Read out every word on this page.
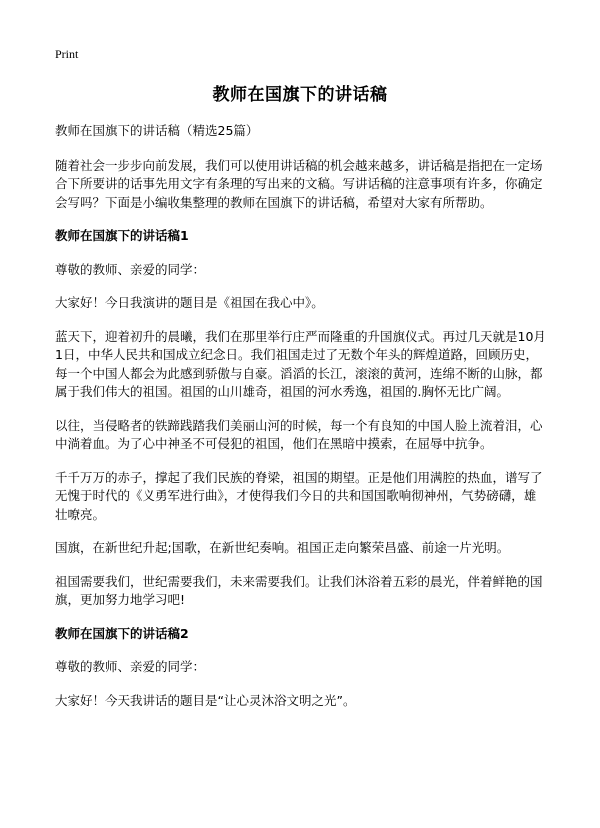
Print
教师在国旗下的讲话稿
教师在国旗下的讲话稿（精选25篇）
随着社会一步步向前发展，我们可以使用讲话稿的机会越来越多，讲话稿是指把在一定场合下所要讲的话事先用文字有条理的写出来的文稿。写讲话稿的注意事项有许多，你确定会写吗？下面是小编收集整理的教师在国旗下的讲话稿，希望对大家有所帮助。
教师在国旗下的讲话稿1
尊敬的教师、亲爱的同学：
大家好！今日我演讲的题目是《祖国在我心中》。
蓝天下，迎着初升的晨曦，我们在那里举行庄严而隆重的升国旗仪式。再过几天就是10月1日，中华人民共和国成立纪念日。我们祖国走过了无数个年头的辉煌道路，回顾历史，每一个中国人都会为此感到骄傲与自豪。滔滔的长江，滚滚的黄河，连绵不断的山脉，都属于我们伟大的祖国。祖国的山川雄奇，祖国的河水秀逸，祖国的.胸怀无比广阔。
以往，当侵略者的铁蹄践踏我们美丽山河的时候，每一个有良知的中国人脸上流着泪，心中淌着血。为了心中神圣不可侵犯的祖国，他们在黑暗中摸索，在屈辱中抗争。
千千万万的赤子，撑起了我们民族的脊梁，祖国的期望。正是他们用满腔的热血，谱写了无愧于时代的《义勇军进行曲》，才使得我们今日的共和国国歌响彻神州，气势磅礴，雄壮嘹亮。
国旗，在新世纪升起;国歌，在新世纪奏响。祖国正走向繁荣昌盛、前途一片光明。
祖国需要我们，世纪需要我们，未来需要我们。让我们沐浴着五彩的晨光，伴着鲜艳的国旗，更加努力地学习吧!
教师在国旗下的讲话稿2
尊敬的教师、亲爱的同学：
大家好！今天我讲话的题目是“让心灵沐浴文明之光”。
